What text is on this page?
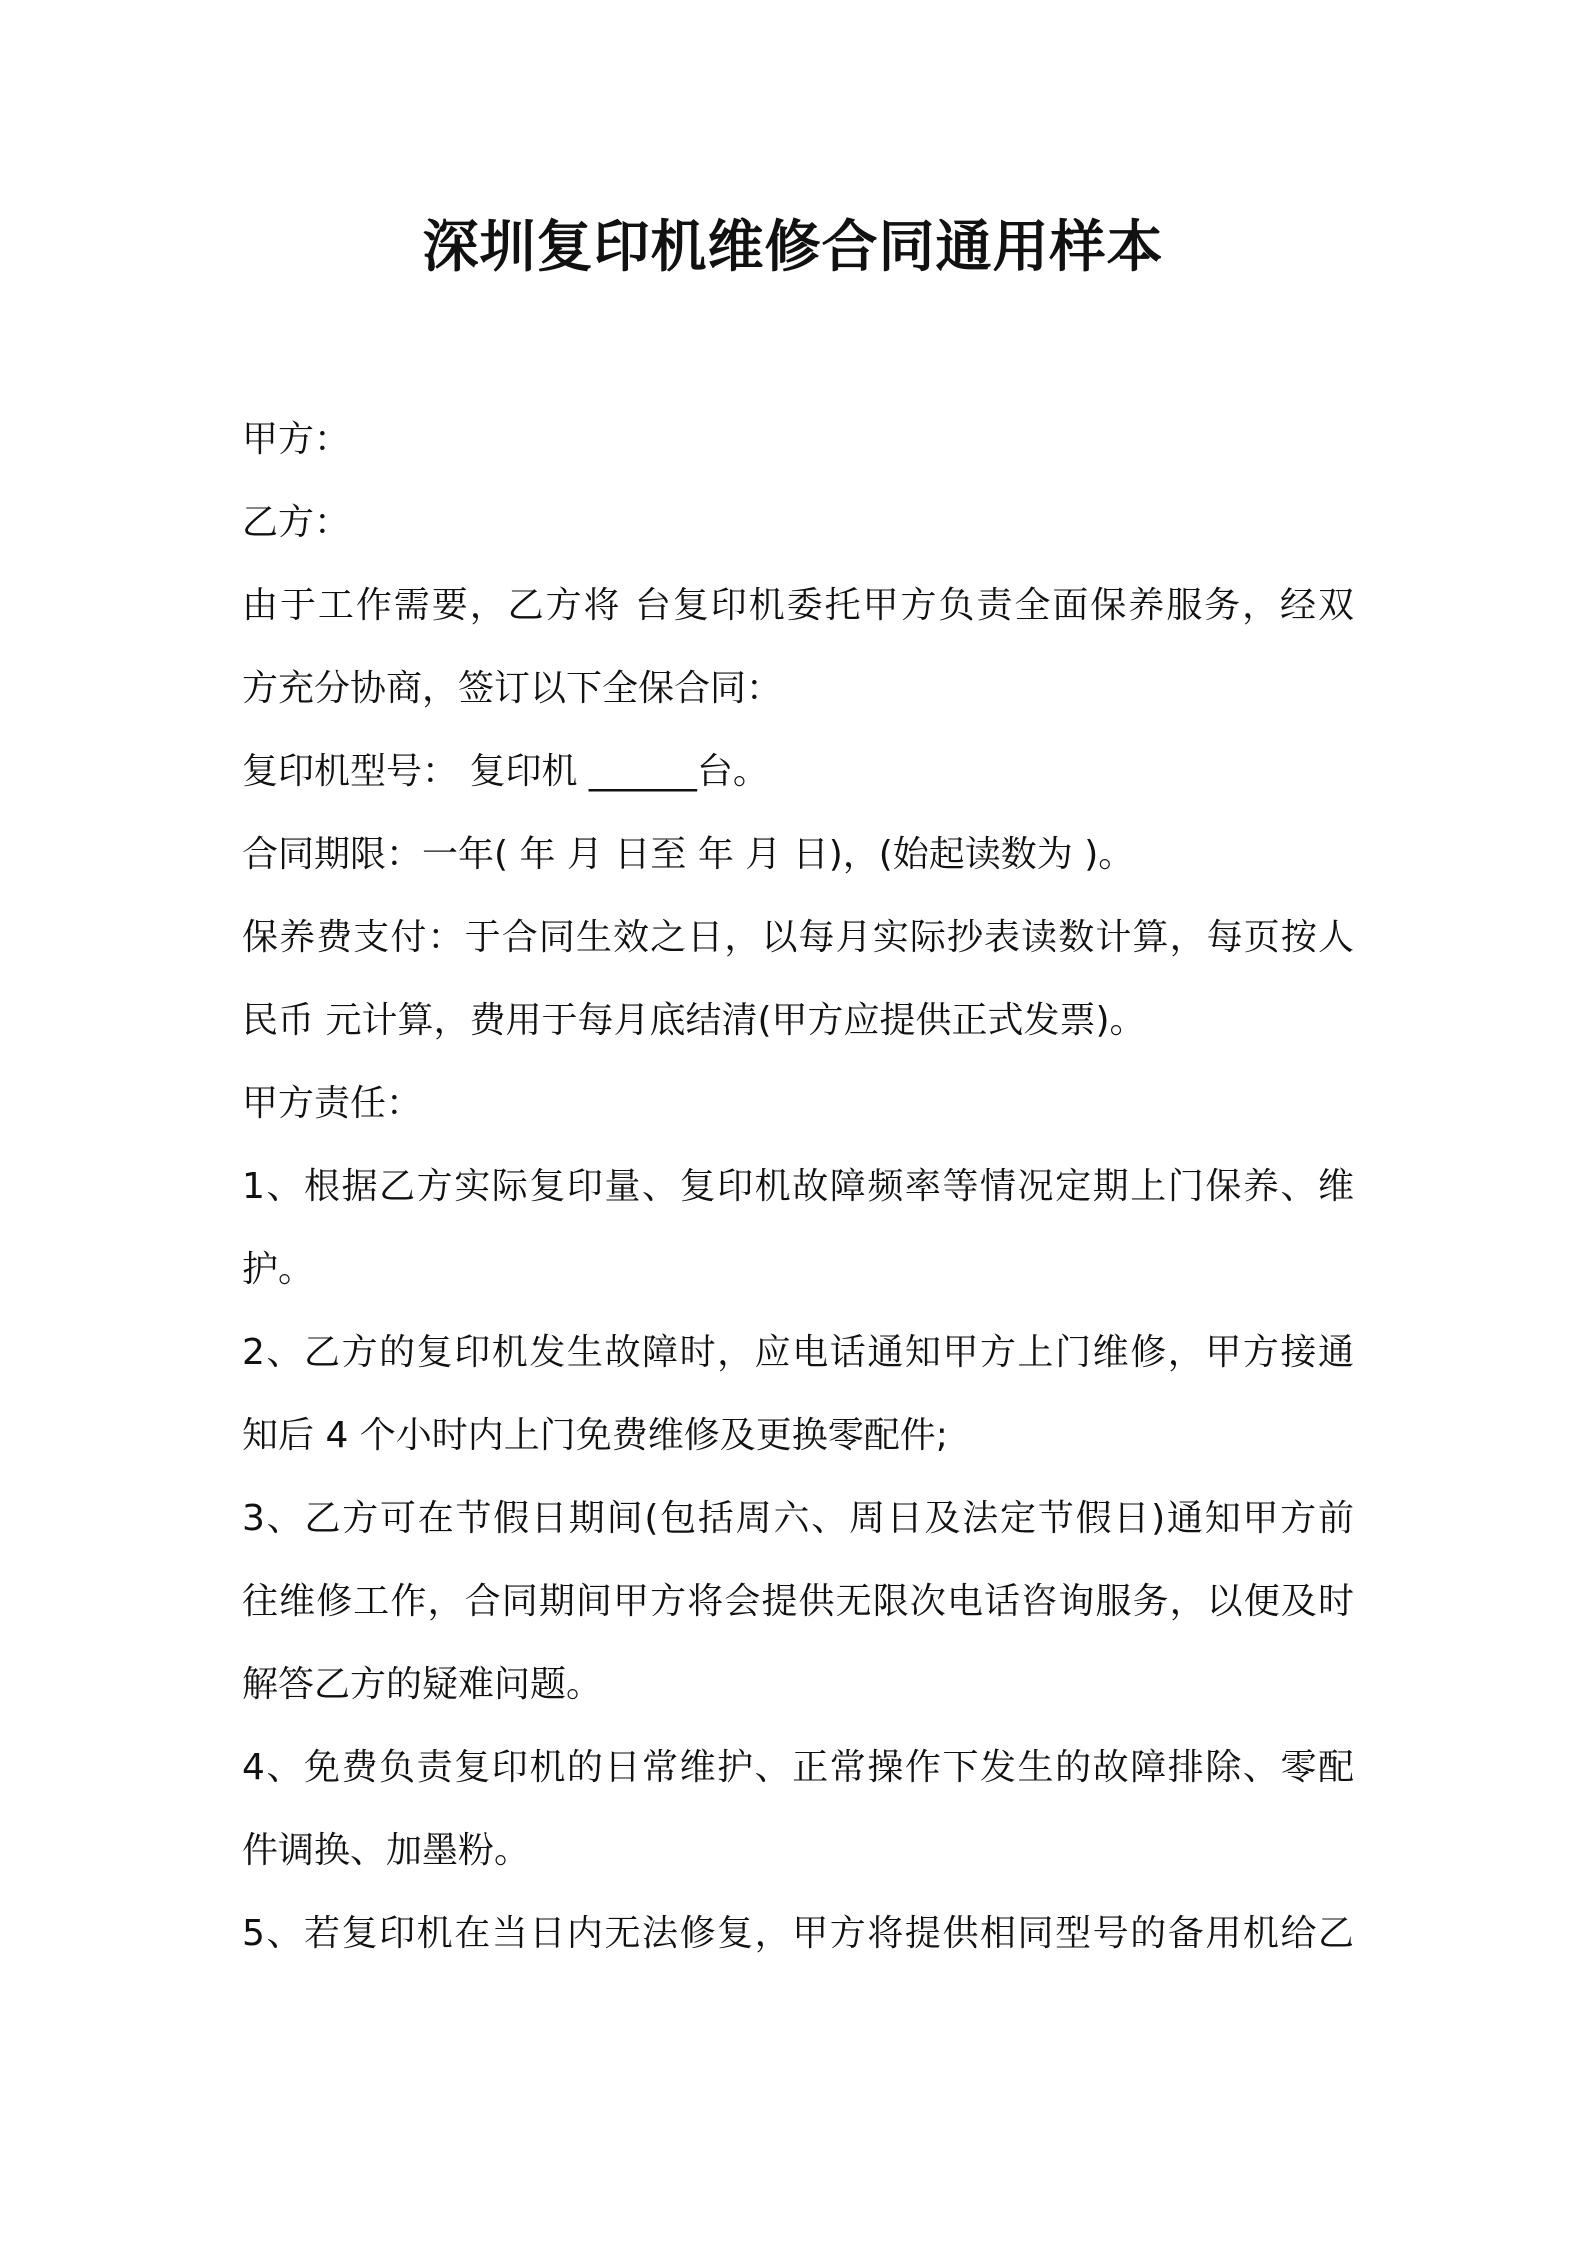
深圳复印机维修合同通用样本
甲方：
乙方：
由于工作需要，乙方将 台复印机委托甲方负责全面保养服务，经双
方充分协商，签订以下全保合同：
复印机型号： 复印机 ______台。
合同期限：一年( 年 月 日至 年 月 日)，(始起读数为 )。
保养费支付：于合同生效之日，以每月实际抄表读数计算，每页按人
民币 元计算，费用于每月底结清(甲方应提供正式发票)。
甲方责任：
1、根据乙方实际复印量、复印机故障频率等情况定期上门保养、维
护。
2、乙方的复印机发生故障时，应电话通知甲方上门维修，甲方接通
知后 4 个小时内上门免费维修及更换零配件;
3、乙方可在节假日期间(包括周六、周日及法定节假日)通知甲方前
往维修工作，合同期间甲方将会提供无限次电话咨询服务，以便及时
解答乙方的疑难问题。
4、免费负责复印机的日常维护、正常操作下发生的故障排除、零配
件调换、加墨粉。
5、若复印机在当日内无法修复，甲方将提供相同型号的备用机给乙
